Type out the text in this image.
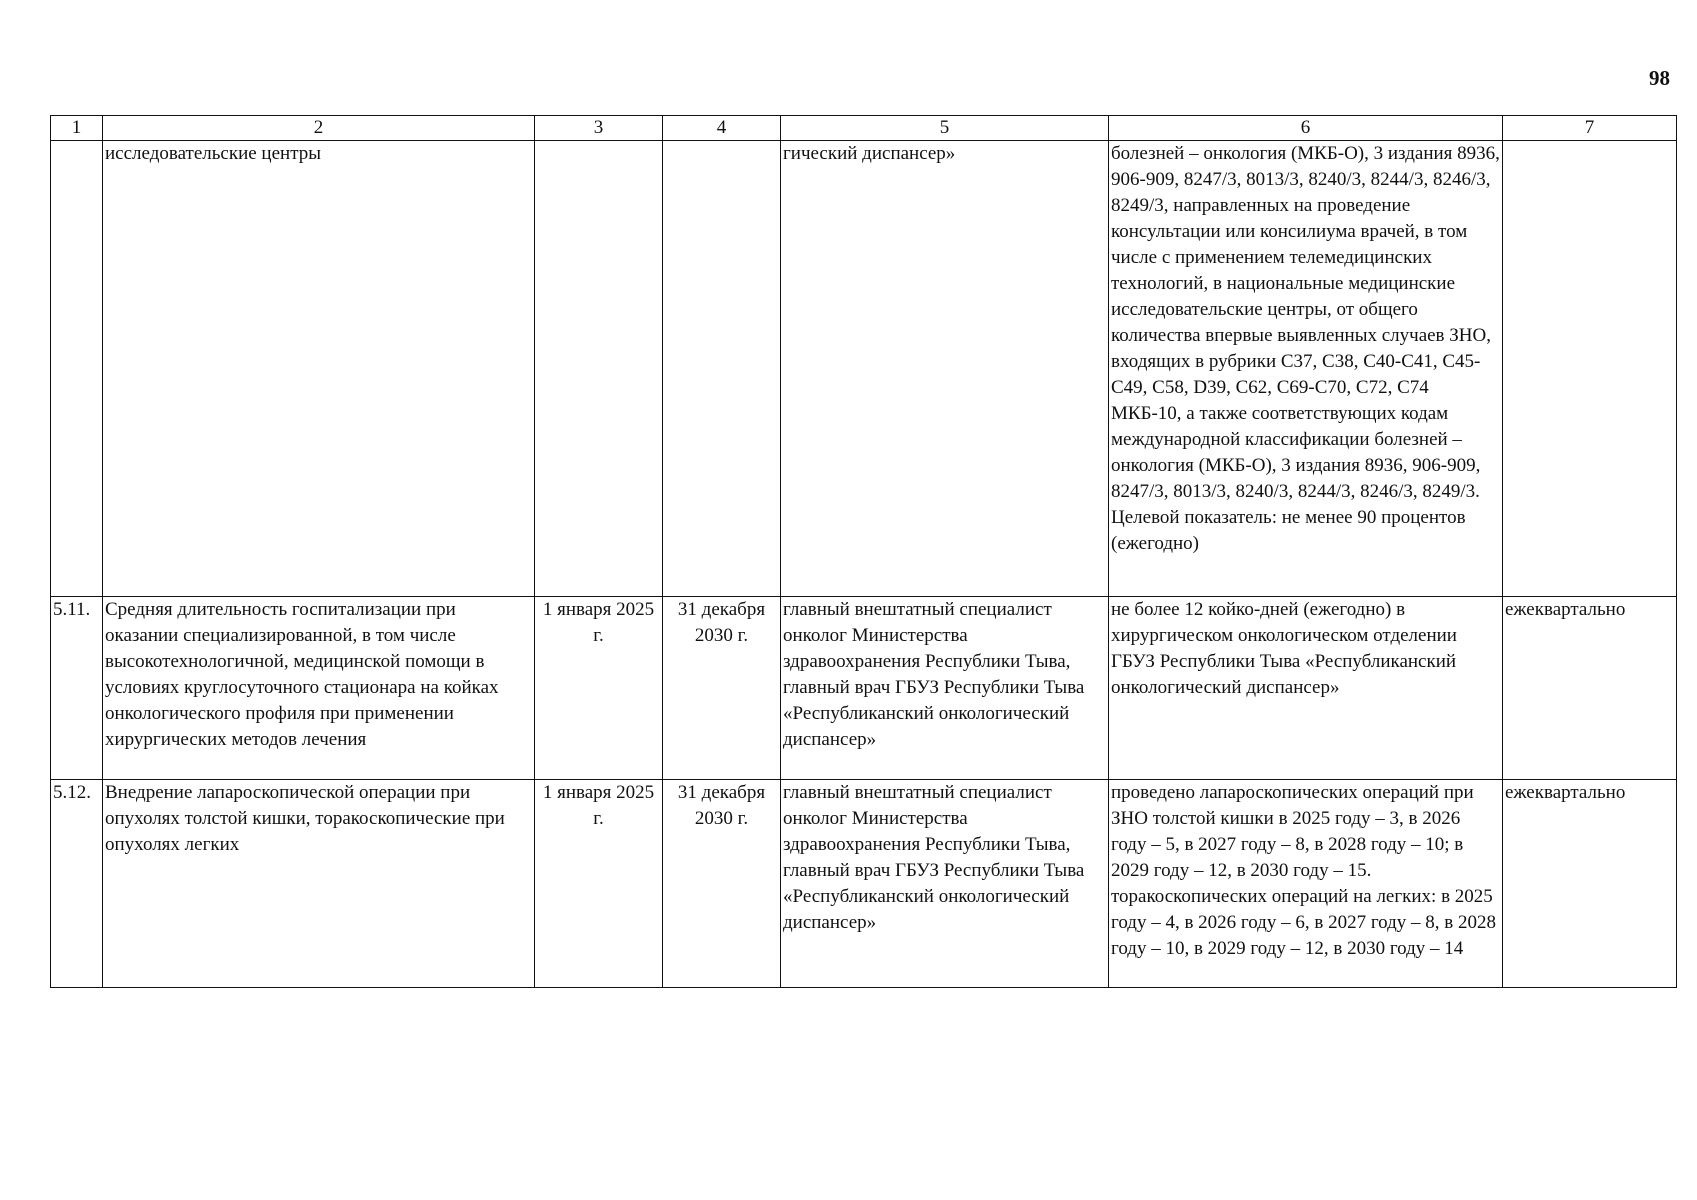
98
1	2	3	4	5	6	7
	исследовательские центры			гический диспансер»	болезней – онкология (МКБ-О), 3 издания 8936, 906-909, 8247/3, 8013/3, 8240/3, 8244/3, 8246/3, 8249/3, направленных на проведение консультации или консилиума врачей, в том числе с применением телемедицинских технологий, в национальные медицинские исследовательские центры, от общего количества впервые выявленных случаев ЗНО, входящих в рубрики С37, С38, С40-С41, С45-С49, С58, D39, С62, С69-С70, С72, С74 МКБ-10, а также соответствующих кодам международной классификации болезней – онкология (МКБ-О), 3 издания 8936, 906-909, 8247/3, 8013/3, 8240/3, 8244/3, 8246/3, 8249/3. Целевой показатель: не менее 90 процентов (ежегодно)	
5.11.	Средняя длительность госпитализации при оказании специализированной, в том числе высокотехнологичной, медицинской помощи в условиях круглосуточного стационара на койках онкологического профиля при применении хирургических методов лечения	1 января 2025 г.	31 декабря 2030 г.	главный внештатный специалист онколог Министерства здравоохранения Республики Тыва, главный врач ГБУЗ Республики Тыва «Республиканский онкологический диспансер»	не более 12 койко-дней (ежегодно) в хирургическом онкологическом отделении ГБУЗ Республики Тыва «Республиканский онкологический диспансер»	ежеквартально
5.12.	Внедрение лапароскопической операции при опухолях толстой кишки, торакоскопические при опухолях легких	1 января 2025 г.	31 декабря 2030 г.	главный внештатный специалист онколог Министерства здравоохранения Республики Тыва, главный врач ГБУЗ Республики Тыва «Республиканский онкологический диспансер»	проведено лапароскопических операций при ЗНО толстой кишки в 2025 году – 3, в 2026 году – 5, в 2027 году – 8, в 2028 году – 10; в 2029 году – 12, в 2030 году – 15. торакоскопических операций на легких: в 2025 году – 4, в 2026 году – 6, в 2027 году – 8, в 2028 году – 10, в 2029 году – 12, в 2030 году – 14	ежеквартально
